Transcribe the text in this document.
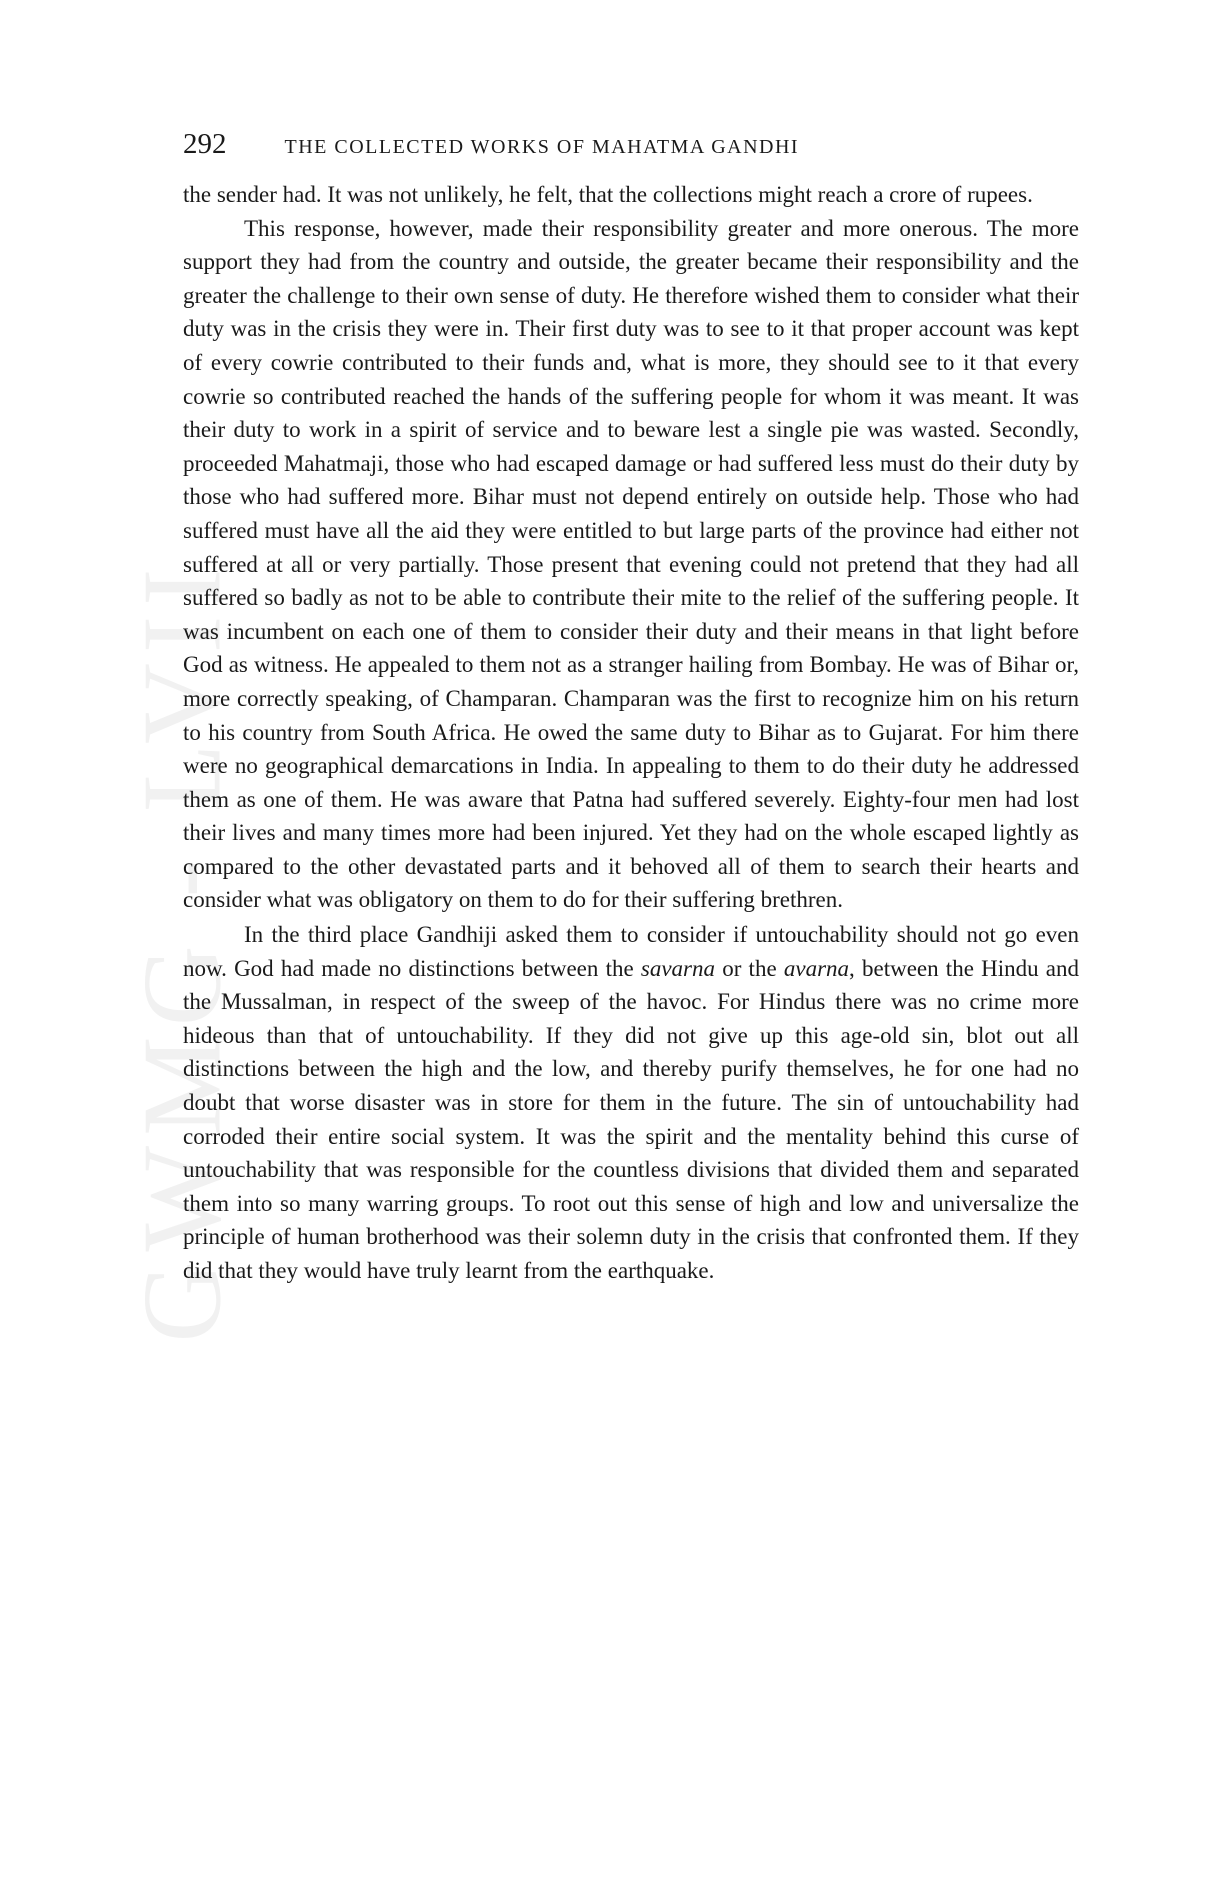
GWMG - LVII
292	THE COLLECTED WORKS OF MAHATMA GANDHI

the sender had. It was not unlikely, he felt, that the collections might reach a crore of rupees.

This response, however, made their responsibility greater and more onerous. The more support they had from the country and outside, the greater became their responsibility and the greater the challenge to their own sense of duty. He therefore wished them to consider what their duty was in the crisis they were in. Their first duty was to see to it that proper account was kept of every cowrie contributed to their funds and, what is more, they should see to it that every cowrie so contributed reached the hands of the suffering people for whom it was meant. It was their duty to work in a spirit of service and to beware lest a single pie was wasted. Secondly, proceeded Mahatmaji, those who had escaped damage or had suffered less must do their duty by those who had suffered more. Bihar must not depend entirely on outside help. Those who had suffered must have all the aid they were entitled to but large parts of the province had either not suffered at all or very partially. Those present that evening could not pretend that they had all suffered so badly as not to be able to contribute their mite to the relief of the suffering people. It was incumbent on each one of them to consider their duty and their means in that light before God as witness. He appealed to them not as a stranger hailing from Bombay. He was of Bihar or, more correctly speaking, of Champaran. Champaran was the first to recognize him on his return to his country from South Africa. He owed the same duty to Bihar as to Gujarat. For him there were no geographical demarcations in India. In appealing to them to do their duty he addressed them as one of them. He was aware that Patna had suffered severely. Eighty-four men had lost their lives and many times more had been injured. Yet they had on the whole escaped lightly as compared to the other devastated parts and it behoved all of them to search their hearts and consider what was obligatory on them to do for their suffering brethren.

In the third place Gandhiji asked them to consider if untouchability should not go even now. God had made no distinctions between the savarna or the avarna, between the Hindu and the Mussalman, in respect of the sweep of the havoc. For Hindus there was no crime more hideous than that of untouchability. If they did not give up this age-old sin, blot out all distinctions between the high and the low, and thereby purify themselves, he for one had no doubt that worse disaster was in store for them in the future. The sin of untouchability had corroded their entire social system. It was the spirit and the mentality behind this curse of untouchability that was responsible for the countless divisions that divided them and separated them into so many warring groups. To root out this sense of high and low and universalize the principle of human brotherhood was their solemn duty in the crisis that confronted them. If they did that they would have truly learnt from the earthquake.
